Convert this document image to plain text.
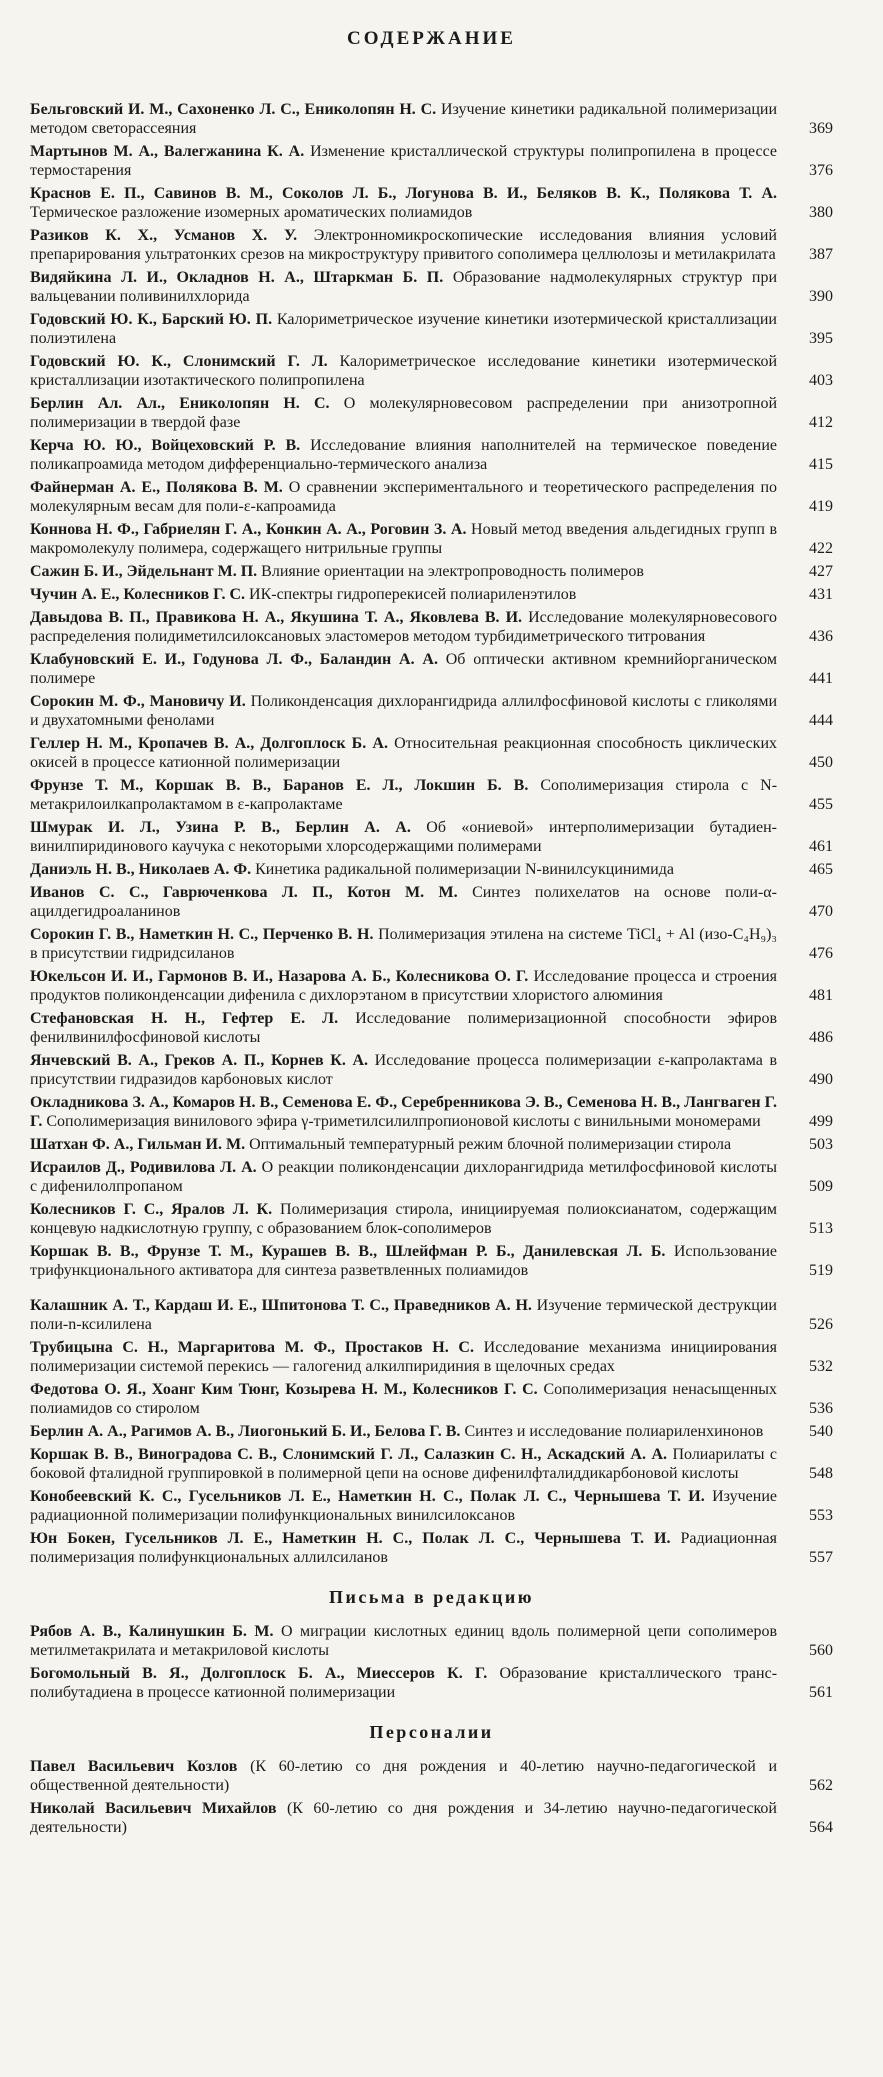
СОДЕРЖАНИЕ
Бельговский И. М., Сахоненко Л. С., Ениколопян Н. С. Изучение кинетики радикальной полимеризации методом светорассеяния	369
Мартынов М. А., Валегжанина К. А. Изменение кристаллической структуры полипропилена в процессе термостарения	376
Краснов Е. П., Савинов В. М., Соколов Л. Б., Логунова В. И., Беляков В. К., Полякова Т. А. Термическое разложение изомерных ароматических полиамидов	380
Разиков К. Х., Усманов Х. У. Электронномикроскопические исследования влияния условий препарирования ультратонких срезов на микроструктуру привитого сополимера целлюлозы и метилакрилата	387
Видяйкина Л. И., Окладнов Н. А., Штаркман Б. П. Образование надмолекулярных структур при вальцевании поливинилхлорида	390
Годовский Ю. К., Барский Ю. П. Калориметрическое изучение кинетики изотермической кристаллизации полиэтилена	395
Годовский Ю. К., Слонимский Г. Л. Калориметрическое исследование кинетики изотермической кристаллизации изотактического полипропилена	403
Берлин Ал. Ал., Ениколопян Н. С. О молекулярновесовом распределении при анизотропной полимеризации в твердой фазе	412
Керча Ю. Ю., Войцеховский Р. В. Исследование влияния наполнителей на термическое поведение поликапроамида методом дифференциально-термического анализа	415
Файнерман А. Е., Полякова В. М. О сравнении экспериментального и теоретического распределения по молекулярным весам для поли-ε-капроамида	419
Коннова Н. Ф., Габриелян Г. А., Конкин А. А., Роговин З. А. Новый метод введения альдегидных групп в макромолекулу полимера, содержащего нитрильные группы	422
Сажин Б. И., Эйдельнант М. П. Влияние ориентации на электропроводность полимеров	427
Чучин А. Е., Колесников Г. С. ИК-спектры гидроперекисей полиариленэтилов	431
Давыдова В. П., Правикова Н. А., Якушина Т. А., Яковлева В. И. Исследование молекулярновесового распределения полидиметилсилоксановых эластомеров методом турбидиметрического титрования	436
Клабуновский Е. И., Годунова Л. Ф., Баландин А. А. Об оптически активном кремнийорганическом полимере	441
Сорокин М. Ф., Мановичу И. Поликонденсация дихлорангидрида аллилфосфиновой кислоты с гликолями и двухатомными фенолами	444
Геллер Н. М., Кропачев В. А., Долгоплоск Б. А. Относительная реакционная способность циклических окисей в процессе катионной полимеризации	450
Фрунзе Т. М., Коршак В. В., Баранов Е. Л., Локшин Б. В. Сополимеризация стирола с N-метакрилоилкапролактамом в ε-капролактаме	455
Шмурак И. Л., Узина Р. В., Берлин А. А. Об «ониевой» интерполимеризации бутадиен-винилпиридинового каучука с некоторыми хлорсодержащими полимерами	461
Даниэль Н. В., Николаев А. Ф. Кинетика радикальной полимеризации N-винилсукцинимида	465
Иванов С. С., Гаврюченкова Л. П., Котон М. М. Синтез полихелатов на основе поли-α-ацилдегидроаланинов	470
Сорокин Г. В., Наметкин Н. С., Перченко В. Н. Полимеризация этилена на системе TiCl₄ + Al (изо-C₄H₉)₃ в присутствии гидридсиланов	476
Юкельсон И. И., Гармонов В. И., Назарова А. Б., Колесникова О. Г. Исследование процесса и строения продуктов поликонденсации дифенила с дихлорэтаном в присутствии хлористого алюминия	481
Стефановская Н. Н., Гефтер Е. Л. Исследование полимеризационной способности эфиров фенилвинилфосфиновой кислоты	486
Янчевский В. А., Греков А. П., Корнев К. А. Исследование процесса полимеризации ε-капролактама в присутствии гидразидов карбоновых кислот	490
Окладникова З. А., Комаров Н. В., Семенова Е. Ф., Серебренникова Э. В., Семенова Н. В., Лангваген Г. Г. Сополимеризация винилового эфира γ-триметилсилилпропионовой кислоты с винильными мономерами	499
Шатхан Ф. А., Гильман И. М. Оптимальный температурный режим блочной полимеризации стирола	503
Исраилов Д., Родивилова Л. А. О реакции поликонденсации дихлорангидрида метилфосфиновой кислоты с дифенилолпропаном	509
Колесников Г. С., Яралов Л. К. Полимеризация стирола, инициируемая полиоксианатом, содержащим концевую надкислотную группу, с образованием блок-сополимеров	513
Коршак В. В., Фрунзе Т. М., Курашев В. В., Шлейфман Р. Б., Данилевская Л. Б. Использование трифункционального активатора для синтеза разветвленных полиамидов	519
Калашник А. Т., Кардаш И. Е., Шпитонова Т. С., Праведников А. Н. Изучение термической деструкции поли-n-ксилилена	526
Трубицына С. Н., Маргаритова М. Ф., Простаков Н. С. Исследование механизма инициирования полимеризации системой перекись — галогенид алкилпиридиния в щелочных средах	532
Федотова О. Я., Хоанг Ким Тюнг, Козырева Н. М., Колесников Г. С. Сополимеризация ненасыщенных полиамидов со стиролом	536
Берлин А. А., Рагимов А. В., Лиогонький Б. И., Белова Г. В. Синтез и исследование полиариленхинонов	540
Коршак В. В., Виноградова С. В., Слонимский Г. Л., Салазкин С. Н., Аскадский А. А. Полиарилаты с боковой фталидной группировкой в полимерной цепи на основе дифенилфталиддикарбоновой кислоты	548
Конобеевский К. С., Гусельников Л. Е., Наметкин Н. С., Полак Л. С., Чернышева Т. И. Изучение радиационной полимеризации полифункциональных винилсилоксанов	553
Юн Бокен, Гусельников Л. Е., Наметкин Н. С., Полак Л. С., Чернышева Т. И. Радиационная полимеризация полифункциональных аллилсиланов	557
Письма в редакцию
Рябов А. В., Калинушкин Б. М. О миграции кислотных единиц вдоль полимерной цепи сополимеров метилметакрилата и метакриловой кислоты	560
Богомольный В. Я., Долгоплоск Б. А., Миессеров К. Г. Образование кристаллического транс-полибутадиена в процессе катионной полимеризации	561
Персоналии
Павел Васильевич Козлов (К 60-летию со дня рождения и 40-летию научно-педагогической и общественной деятельности)	562
Николай Васильевич Михайлов (К 60-летию со дня рождения и 34-летию научно-педагогической деятельности)	564
